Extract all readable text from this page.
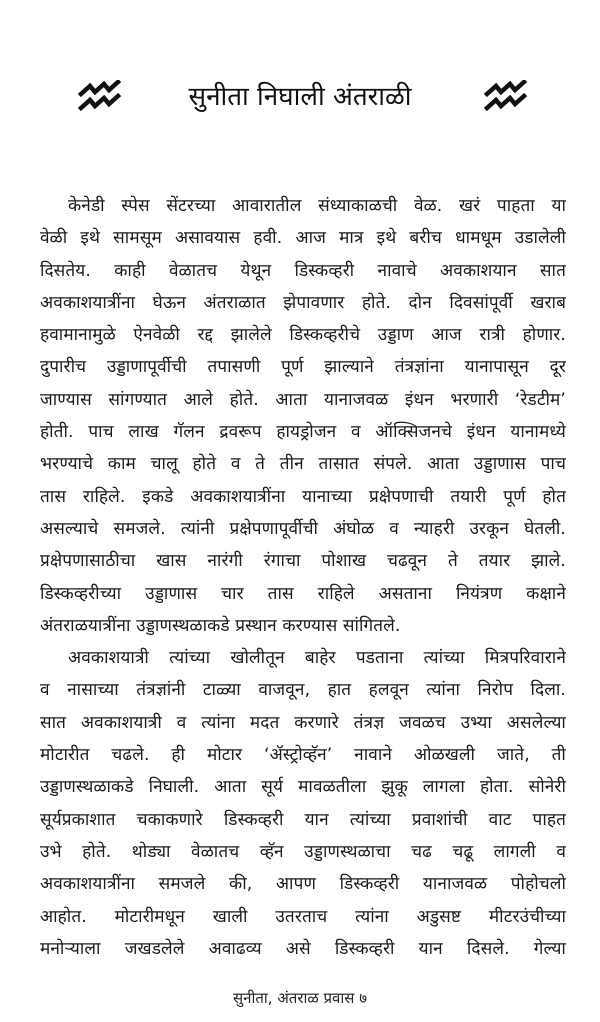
सुनीता निघाली अंतराळी
केनेडी स्पेस सेंटरच्या आवारातील संध्याकाळची वेळ. खरं पाहता या
वेळी इथे सामसूम असावयास हवी. आज मात्र इथे बरीच धामधूम उडालेली
दिसतेय. काही वेळातच येथून डिस्कव्हरी नावाचे अवकाशयान सात
अवकाशयात्रींना घेऊन अंतराळात झेपावणार होते. दोन दिवसांपूर्वी खराब
हवामानामुळे ऐनवेळी रद्द झालेले डिस्कव्हरीचे उड्डाण आज रात्री होणार.
दुपारीच उड्डाणापूर्वीची तपासणी पूर्ण झाल्याने तंत्रज्ञांना यानापासून दूर
जाण्यास सांगण्यात आले होते. आता यानाजवळ इंधन भरणारी ‘रेडटीम’
होती. पाच लाख गॅलन द्रवरूप हायड्रोजन व ऑक्सिजनचे इंधन यानामध्ये
भरण्याचे काम चालू होते व ते तीन तासात संपले. आता उड्डाणास पाच
तास राहिले. इकडे अवकाशयात्रींना यानाच्या प्रक्षेपणाची तयारी पूर्ण होत
असल्याचे समजले. त्यांनी प्रक्षेपणापूर्वीची अंघोळ व न्याहरी उरकून घेतली.
प्रक्षेपणासाठीचा खास नारंगी रंगाचा पोशाख चढवून ते तयार झाले.
डिस्कव्हरीच्या उड्डाणास चार तास राहिले असताना नियंत्रण कक्षाने
अंतराळयात्रींना उड्डाणस्थळाकडे प्रस्थान करण्यास सांगितले.
अवकाशयात्री त्यांच्या खोलीतून बाहेर पडताना त्यांच्या मित्रपरिवाराने
व नासाच्या तंत्रज्ञांनी टाळ्या वाजवून, हात हलवून त्यांना निरोप दिला.
सात अवकाशयात्री व त्यांना मदत करणारे तंत्रज्ञ जवळच उभ्या असलेल्या
मोटारीत चढले. ही मोटार ‘ॲस्ट्रोव्हॅन’ नावाने ओळखली जाते, ती
उड्डाणस्थळाकडे निघाली. आता सूर्य मावळतीला झुकू लागला होता. सोनेरी
सूर्यप्रकाशात चकाकणारे डिस्कव्हरी यान त्यांच्या प्रवाशांची वाट पाहत
उभे होते. थोड्या वेळातच व्हॅन उड्डाणस्थळाचा चढ चढू लागली व
अवकाशयात्रींना समजले की, आपण डिस्कव्हरी यानाजवळ पोहोचलो
आहोत. मोटारीमधून खाली उतरताच त्यांना अडुसष्ट मीटरउंचीच्या
मनोऱ्याला जखडलेले अवाढव्य असे डिस्कव्हरी यान दिसले. गेल्या
सुनीता, अंतराळ प्रवास ७
